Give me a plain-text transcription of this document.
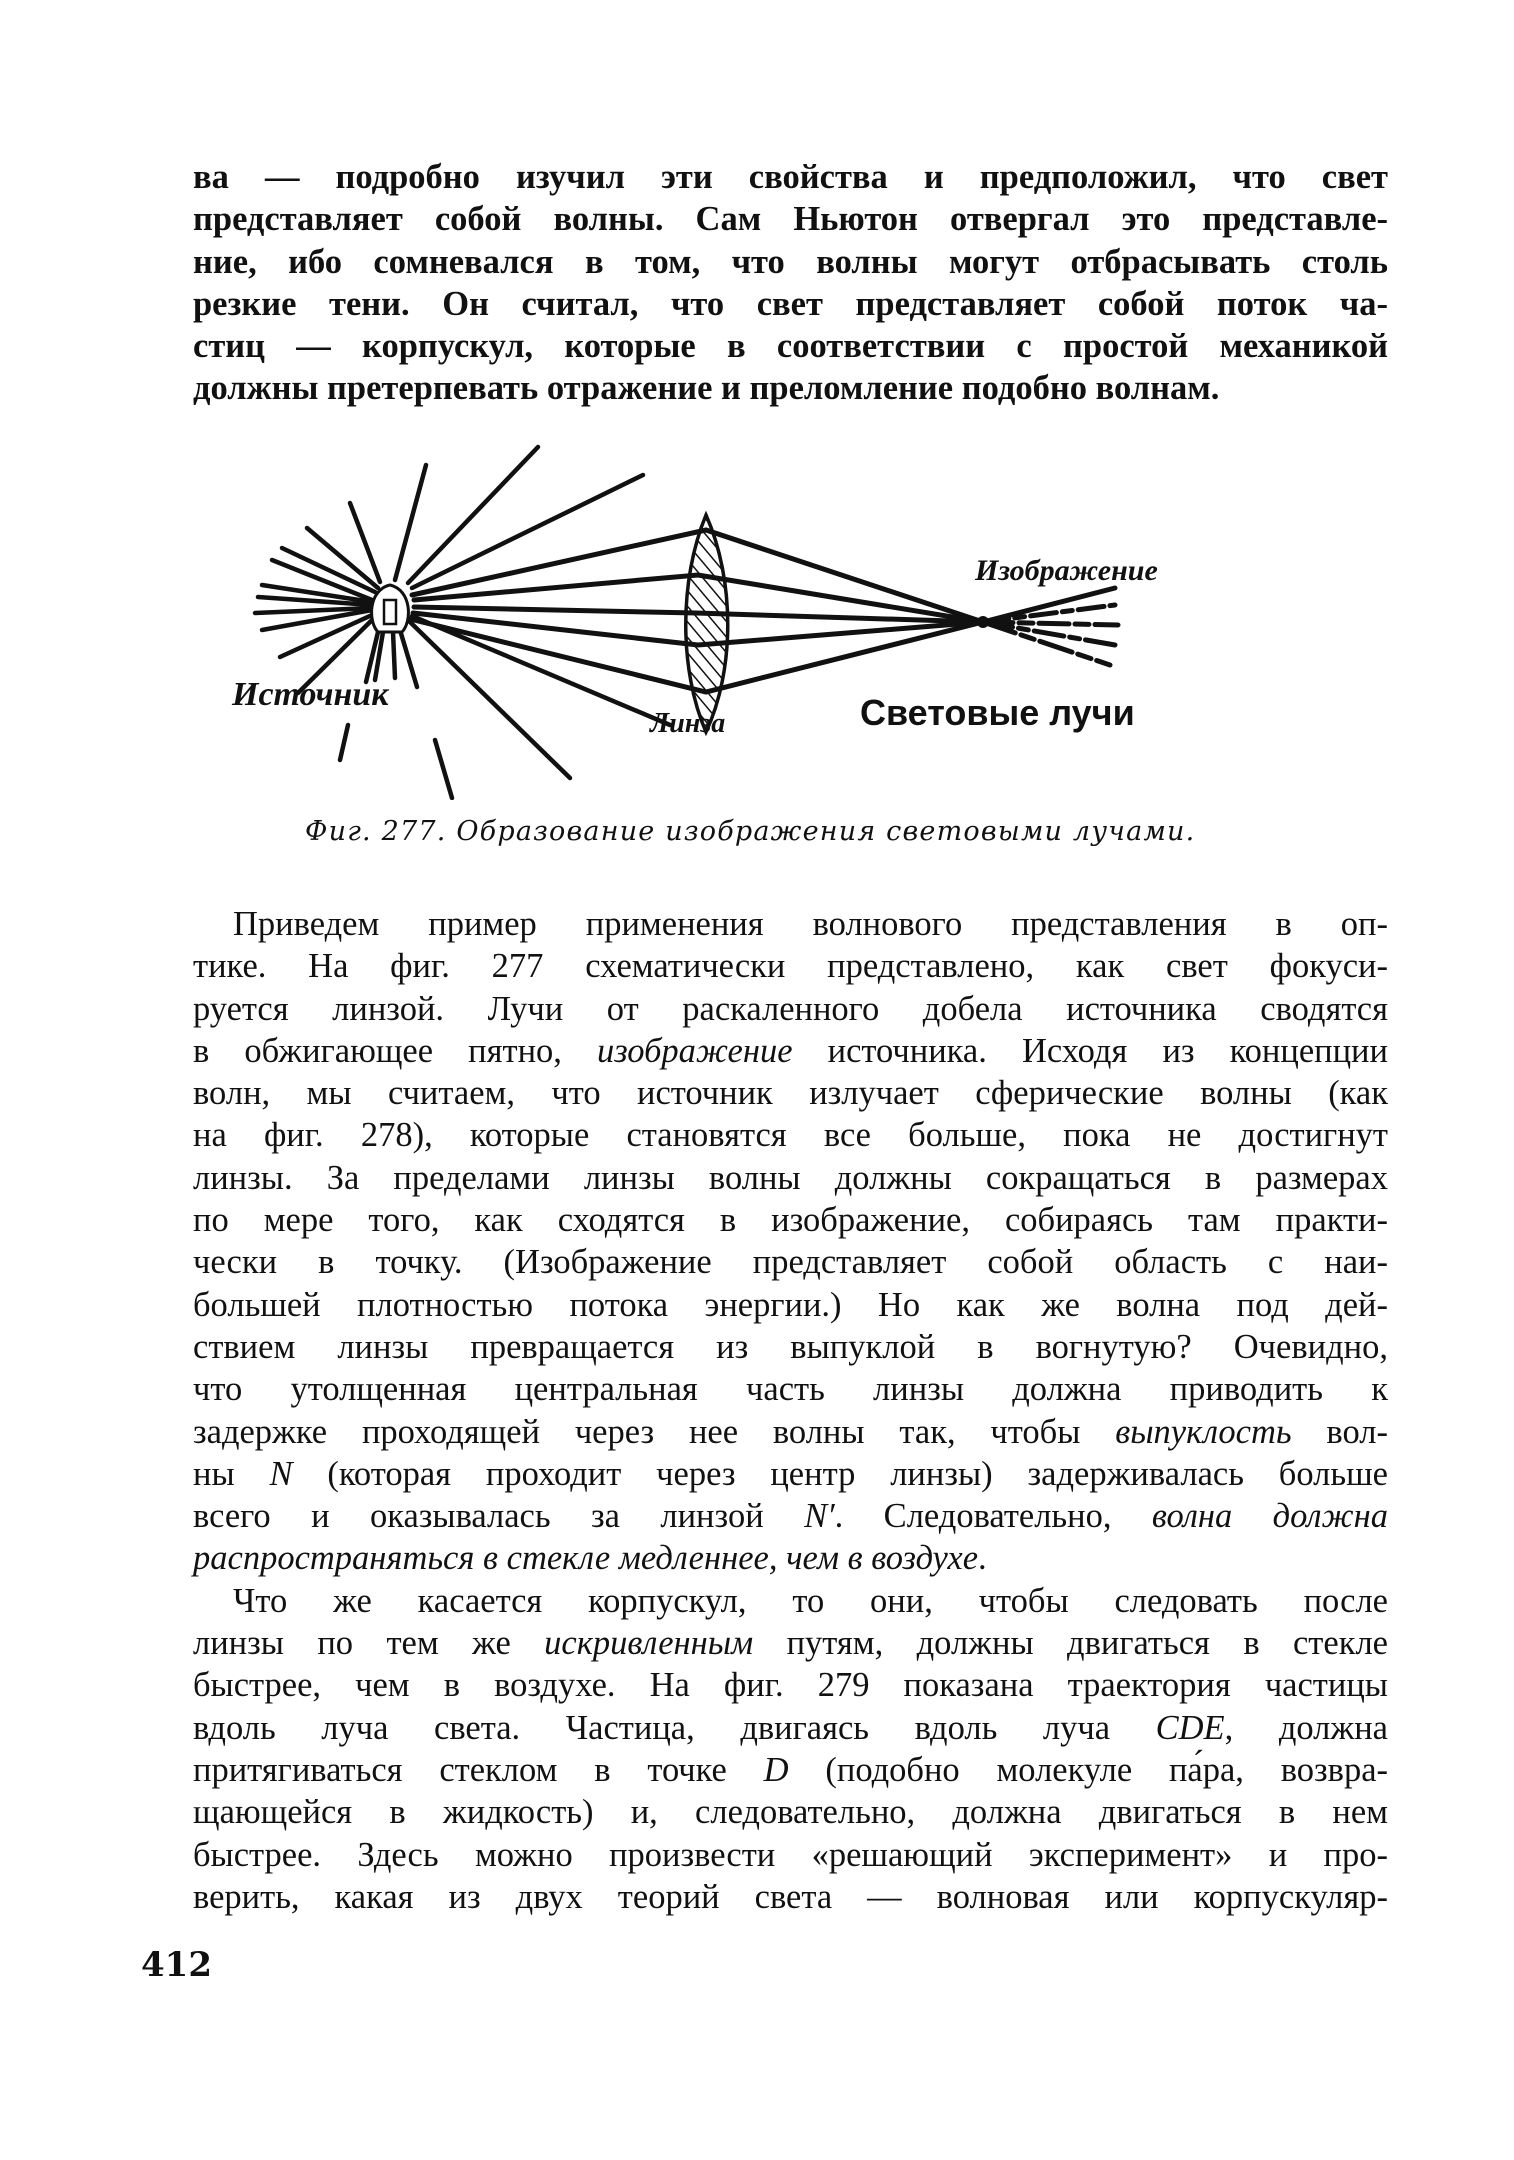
ва — подробно изучил эти свойства и предположил, что свет
представляет собой волны. Сам Ньютон отвергал это представле-
ние, ибо сомневался в том, что волны могут отбрасывать столь
резкие тени. Он считал, что свет представляет собой поток ча-
стиц — корпускул, которые в соответствии с простой механикой
должны претерпевать отражение и преломление подобно волнам.
Источник
Линза
Изображение
Световые лучи
Фиг. 277. Образование изображения световыми лучами.
Приведем пример применения волнового представления в оп-
тике. На фиг. 277 схематически представлено, как свет фокуси-
руется линзой. Лучи от раскаленного добела источника сводятся
в обжигающее пятно, изображение источника. Исходя из концепции
волн, мы считаем, что источник излучает сферические волны (как
на фиг. 278), которые становятся все больше, пока не достигнут
линзы. За пределами линзы волны должны сокращаться в размерах
по мере того, как сходятся в изображение, собираясь там практи-
чески в точку. (Изображение представляет собой область с наи-
большей плотностью потока энергии.) Но как же волна под дей-
ствием линзы превращается из выпуклой в вогнутую? Очевидно,
что утолщенная центральная часть линзы должна приводить к
задержке проходящей через нее волны так, чтобы выпуклость вол-
ны N (которая проходит через центр линзы) задерживалась больше
всего и оказывалась за линзой N′. Следовательно, волна должна
распространяться в стекле медленнее, чем в воздухе.
Что же касается корпускул, то они, чтобы следовать после
линзы по тем же искривленным путям, должны двигаться в стекле
быстрее, чем в воздухе. На фиг. 279 показана траектория частицы
вдоль луча света. Частица, двигаясь вдоль луча CDE, должна
притягиваться стеклом в точке D (подобно молекуле па́ра, возвра-
щающейся в жидкость) и, следовательно, должна двигаться в нем
быстрее. Здесь можно произвести «решающий эксперимент» и про-
верить, какая из двух теорий света — волновая или корпускуляр-
412
